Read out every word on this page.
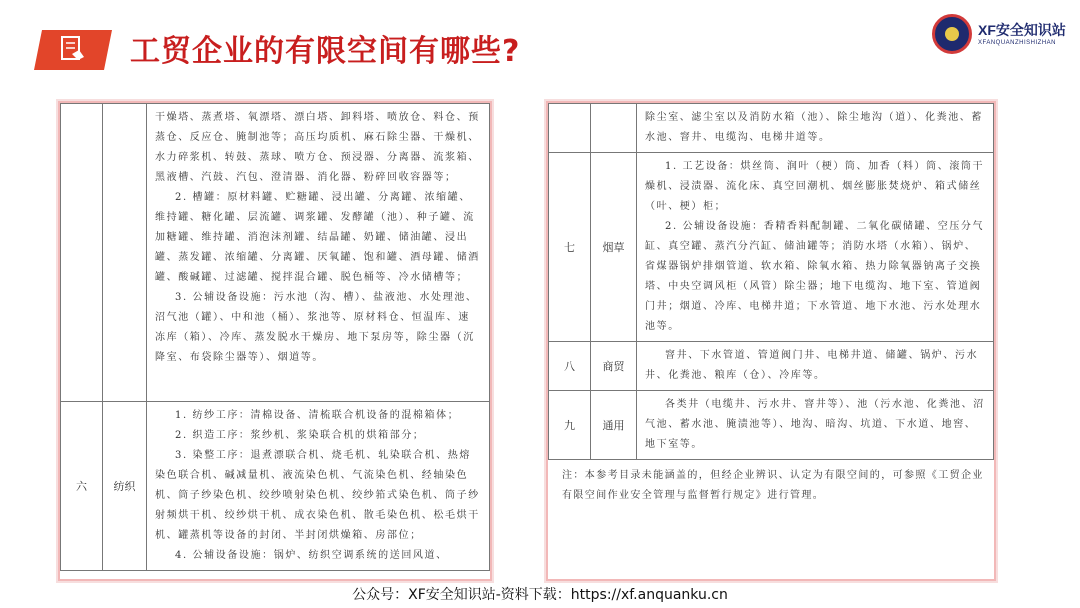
工贸企业的有限空间有哪些?
XF安全知识站
XFANQUANZHISHIZHAN

		干燥塔、蒸煮塔、氧漂塔、漂白塔、卸料塔、喷放仓、料仓、预蒸仓、反应仓、腌制池等；高压均质机、麻石除尘器、干燥机、水力碎浆机、转鼓、蒸球、喷方仓、预浸器、分离器、流浆箱、黑液槽、汽鼓、汽包、澄清器、消化器、粉碎回收容器等；

2. 槽罐：原材料罐、贮糖罐、浸出罐、分离罐、浓缩罐、维持罐、糖化罐、层流罐、调浆罐、发酵罐（池）、种子罐、流加糖罐、维持罐、消泡沫剂罐、结晶罐、奶罐、储油罐、浸出罐、蒸发罐、浓缩罐、分离罐、厌氧罐、饱和罐、酒母罐、储酒罐、酸碱罐、过滤罐、搅拌混合罐、脱色桶等、冷水储槽等；

3. 公辅设备设施：污水池（沟、槽）、盐液池、水处理池、沼气池（罐）、中和池（桶）、浆池等、原材料仓、恒温库、速冻库（箱）、冷库、蒸发脱水干燥房、地下泵房等，除尘器（沉降室、布袋除尘器等）、烟道等。

六	纺织	1. 纺纱工序：清棉设备、清梳联合机设备的混棉箱体；

2. 织造工序：浆纱机、浆染联合机的烘箱部分；

3. 染整工序：退煮漂联合机、烧毛机、轧染联合机、热熔染色联合机、碱减量机、液流染色机、气流染色机、经轴染色机、筒子纱染色机、绞纱喷射染色机、绞纱筘式染色机、筒子纱射频烘干机、绞纱烘干机、成衣染色机、散毛染色机、松毛烘干机、罐蒸机等设备的封闭、半封闭烘燥箱、房部位；

4. 公辅设备设施：锅炉、纺织空调系统的送回风道、

		除尘室、滤尘室以及消防水箱（池）、除尘地沟（道）、化粪池、蓄水池、窨井、电缆沟、电梯井道等。

七	烟草	1. 工艺设备：烘丝筒、润叶（梗）筒、加香（料）筒、滚筒干燥机、浸渍器、流化床、真空回潮机、烟丝膨胀焚烧炉、箱式储丝（叶、梗）柜；

2. 公辅设备设施：香精香料配制罐、二氧化碳储罐、空压分气缸、真空罐、蒸汽分汽缸、储油罐等；消防水塔（水箱）、锅炉、省煤器锅炉排烟管道、软水箱、除氧水箱、热力除氧器钠离子交换塔、中央空调风柜（风管）除尘器；地下电缆沟、地下室、管道阀门井；烟道、冷库、电梯井道；下水管道、地下水池、污水处理水池等。

八	商贸	窨井、下水管道、管道阀门井、电梯井道、储罐、锅炉、污水井、化粪池、粮库（仓）、冷库等。

九	通用	各类井（电缆井、污水井、窨井等）、池（污水池、化粪池、沼气池、蓄水池、腌渍池等）、地沟、暗沟、坑道、下水道、地窖、地下室等。

注：本参考目录未能涵盖的，但经企业辨识、认定为有限空间的，可参照《工贸企业有限空间作业安全管理与监督暂行规定》进行管理。
公众号：XF安全知识站-资料下载：https://xf.anquanku.cn
